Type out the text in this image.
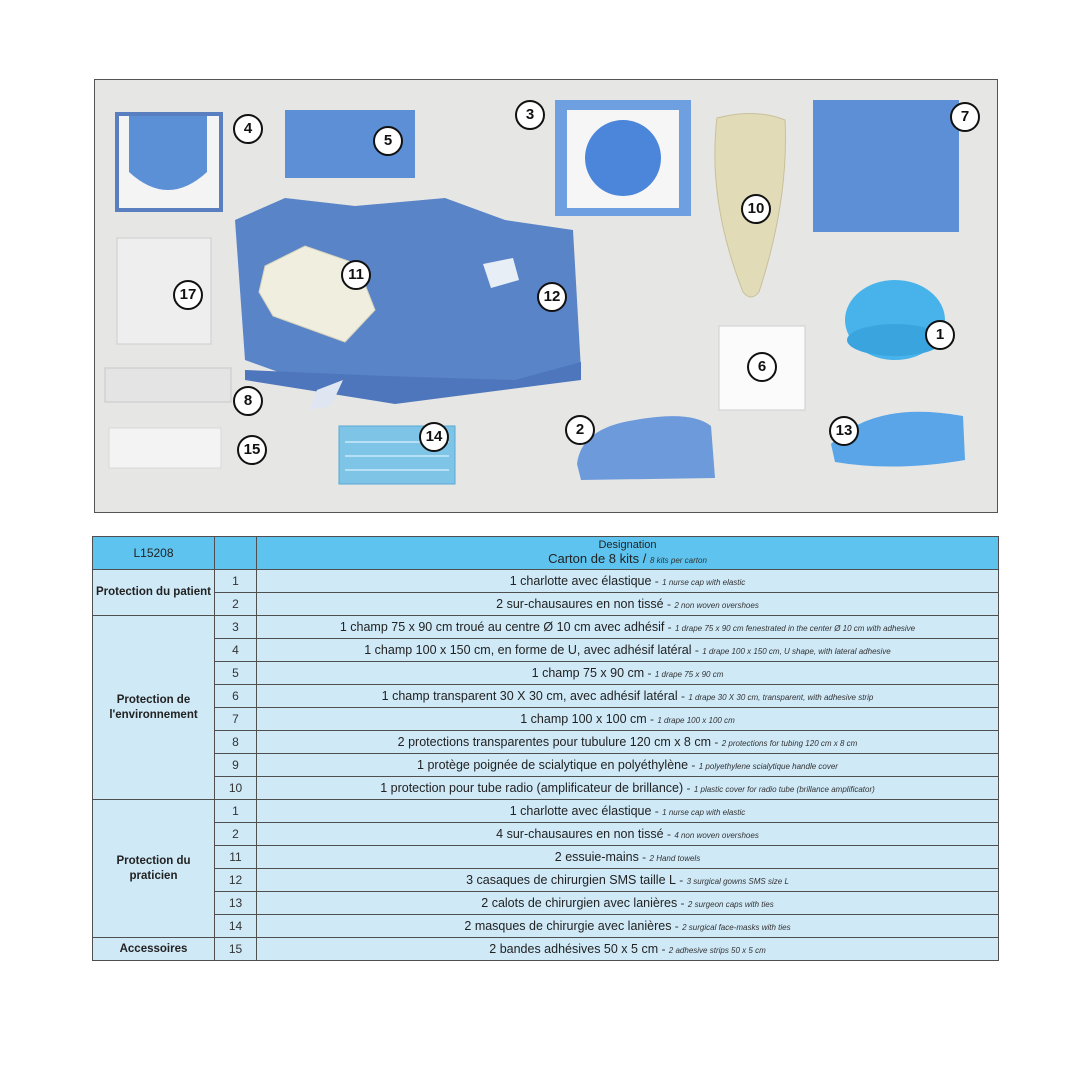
4
5
3	7
10
17
11
12
1
6
8
15
14	2	13
L15208		Designation
Carton de 8 kits / 8 kits per carton

Protection du patient	1	1 charlotte avec élastique - 1 nurse cap with elastic
	2	2 sur-chausaures en non tissé - 2 non woven overshoes
Protection de l'environnement	3	1 champ 75 x 90 cm troué au centre Ø 10 cm avec adhésif - 1 drape 75 x 90 cm fenestrated in the center Ø 10 cm with adhesive
	4	1 champ 100 x 150 cm, en forme de U, avec adhésif latéral - 1 drape 100 x 150 cm, U shape, with lateral adhesive
	5	1 champ 75 x 90 cm - 1 drape 75 x 90 cm
	6	1 champ transparent 30 X 30 cm, avec adhésif latéral - 1 drape 30 X 30 cm, transparent, with adhesive strip
	7	1 champ 100 x 100 cm - 1 drape 100 x 100 cm
	8	2 protections transparentes pour tubulure 120 cm x 8 cm - 2 protections for tubing 120 cm x 8 cm
	9	1 protège poignée de scialytique en polyéthylène - 1 polyethylene scialytique handle cover
	10	1 protection pour tube radio (amplificateur de brillance) - 1 plastic cover for radio tube (brillance amplificator)
Protection du praticien	1	1 charlotte avec élastique - 1 nurse cap with elastic
	2	4 sur-chausaures en non tissé - 4 non woven overshoes
	11	2 essuie-mains - 2 Hand towels
	12	3 casaques de chirurgien SMS taille L - 3 surgical gowns SMS size L
	13	2 calots de chirurgien avec lanières - 2 surgeon caps with ties
	14	2 masques de chirurgie avec lanières - 2 surgical face-masks with ties
Accessoires	15	2 bandes adhésives 50 x 5 cm - 2 adhesive strips 50 x 5 cm
